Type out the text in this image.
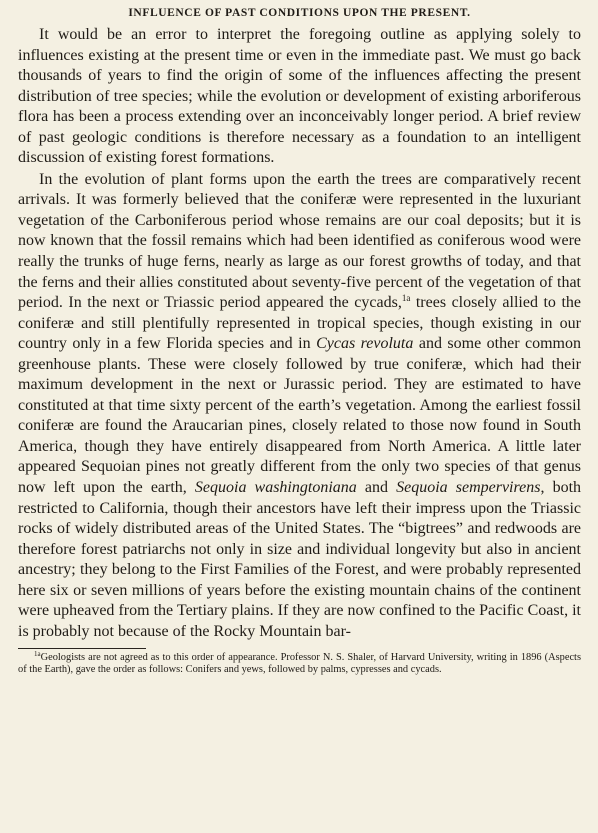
INFLUENCE OF PAST CONDITIONS UPON THE PRESENT.

It would be an error to interpret the foregoing outline as applying solely to influences existing at the present time or even in the immediate past. We must go back thousands of years to find the origin of some of the influences affecting the present distribution of tree species; while the evolution or development of existing arboriferous flora has been a process extending over an inconceivably longer period. A brief review of past geologic conditions is therefore necessary as a foundation to an intelligent discussion of existing forest formations.

In the evolution of plant forms upon the earth the trees are comparatively recent arrivals. It was formerly believed that the coniferæ were represented in the luxuriant vegetation of the Carboniferous period whose remains are our coal deposits; but it is now known that the fossil remains which had been identified as coniferous wood were really the trunks of huge ferns, nearly as large as our forest growths of today, and that the ferns and their allies constituted about seventy-five percent of the vegetation of that period. In the next or Triassic period appeared the cycads,$^{1a}$ trees closely allied to the coniferæ and still plentifully represented in tropical species, though existing in our country only in a few Florida species and in Cycas revoluta and some other common greenhouse plants. These were closely followed by true coniferæ, which had their maximum development in the next or Jurassic period. They are estimated to have constituted at that time sixty percent of the earth’s vegetation. Among the earliest fossil coniferæ are found the Araucarian pines, closely related to those now found in South America, though they have entirely disappeared from North America. A little later appeared Sequoian pines not greatly different from the only two species of that genus now left upon the earth, Sequoia washingtoniana and Sequoia sempervirens, both restricted to California, though their ancestors have left their impress upon the Triassic rocks of widely distributed areas of the United States. The “bigtrees” and redwoods are therefore forest patriarchs not only in size and individual longevity but also in ancient ancestry; they belong to the First Families of the Forest, and were probably represented here six or seven millions of years before the existing mountain chains of the continent were upheaved from the Tertiary plains. If they are now confined to the Pacific Coast, it is probably not because of the Rocky Mountain bar-

$^{1a}$Geologists are not agreed as to this order of appearance. Professor N. S. Shaler, of Harvard University, writing in 1896 (Aspects of the Earth), gave the order as follows: Conifers and yews, followed by palms, cypresses and cycads.
